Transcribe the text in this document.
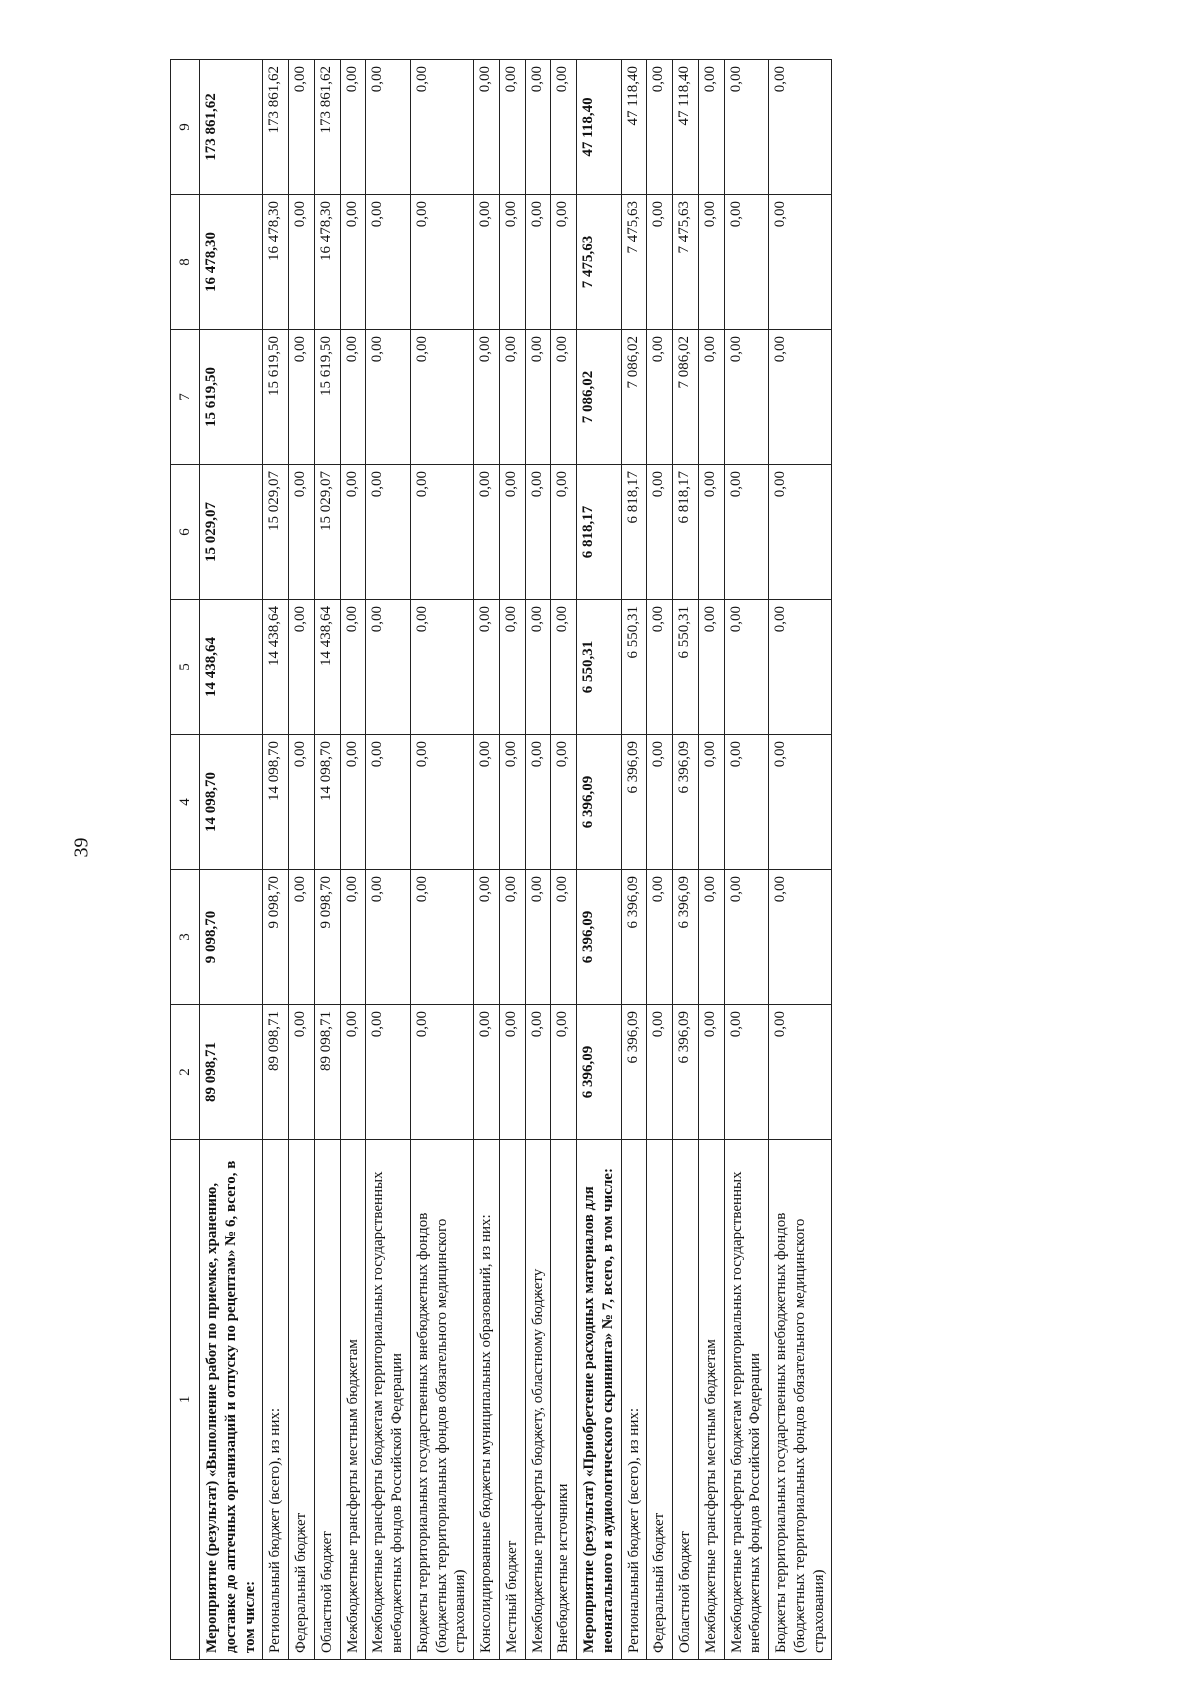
39
1	2	3	4	5	6	7	8	9
Мероприятие (результат) «Выполнение работ по приемке, хранению, доставке до аптечных организаций и отпуску по рецептам» № 6, всего, в том числе:	89 098,71	9 098,70	14 098,70	14 438,64	15 029,07	15 619,50	16 478,30	173 861,62
Региональный бюджет (всего), из них:	89 098,71	9 098,70	14 098,70	14 438,64	15 029,07	15 619,50	16 478,30	173 861,62
Федеральный бюджет	0,00	0,00	0,00	0,00	0,00	0,00	0,00	0,00
Областной бюджет	89 098,71	9 098,70	14 098,70	14 438,64	15 029,07	15 619,50	16 478,30	173 861,62
Межбюджетные трансферты местным бюджетам	0,00	0,00	0,00	0,00	0,00	0,00	0,00	0,00
Межбюджетные трансферты бюджетам территориальных государственных внебюджетных фондов Российской Федерации	0,00	0,00	0,00	0,00	0,00	0,00	0,00	0,00
Бюджеты территориальных государственных внебюджетных фондов (бюджетных территориальных фондов обязательного медицинского страхования)	0,00	0,00	0,00	0,00	0,00	0,00	0,00	0,00
Консолидированные бюджеты муниципальных образований, из них:	0,00	0,00	0,00	0,00	0,00	0,00	0,00	0,00
Местный бюджет	0,00	0,00	0,00	0,00	0,00	0,00	0,00	0,00
Межбюджетные трансферты бюджету, областному бюджету	0,00	0,00	0,00	0,00	0,00	0,00	0,00	0,00
Внебюджетные источники	0,00	0,00	0,00	0,00	0,00	0,00	0,00	0,00
Мероприятие (результат) «Приобретение расходных материалов для неонатального и аудиологического скрининга» № 7, всего, в том числе:	6 396,09	6 396,09	6 396,09	6 550,31	6 818,17	7 086,02	7 475,63	47 118,40
Региональный бюджет (всего), из них:	6 396,09	6 396,09	6 396,09	6 550,31	6 818,17	7 086,02	7 475,63	47 118,40
Федеральный бюджет	0,00	0,00	0,00	0,00	0,00	0,00	0,00	0,00
Областной бюджет	6 396,09	6 396,09	6 396,09	6 550,31	6 818,17	7 086,02	7 475,63	47 118,40
Межбюджетные трансферты местным бюджетам	0,00	0,00	0,00	0,00	0,00	0,00	0,00	0,00
Межбюджетные трансферты бюджетам территориальных государственных внебюджетных фондов Российской Федерации	0,00	0,00	0,00	0,00	0,00	0,00	0,00	0,00
Бюджеты территориальных государственных внебюджетных фондов (бюджетных территориальных фондов обязательного медицинского страхования)	0,00	0,00	0,00	0,00	0,00	0,00	0,00	0,00
